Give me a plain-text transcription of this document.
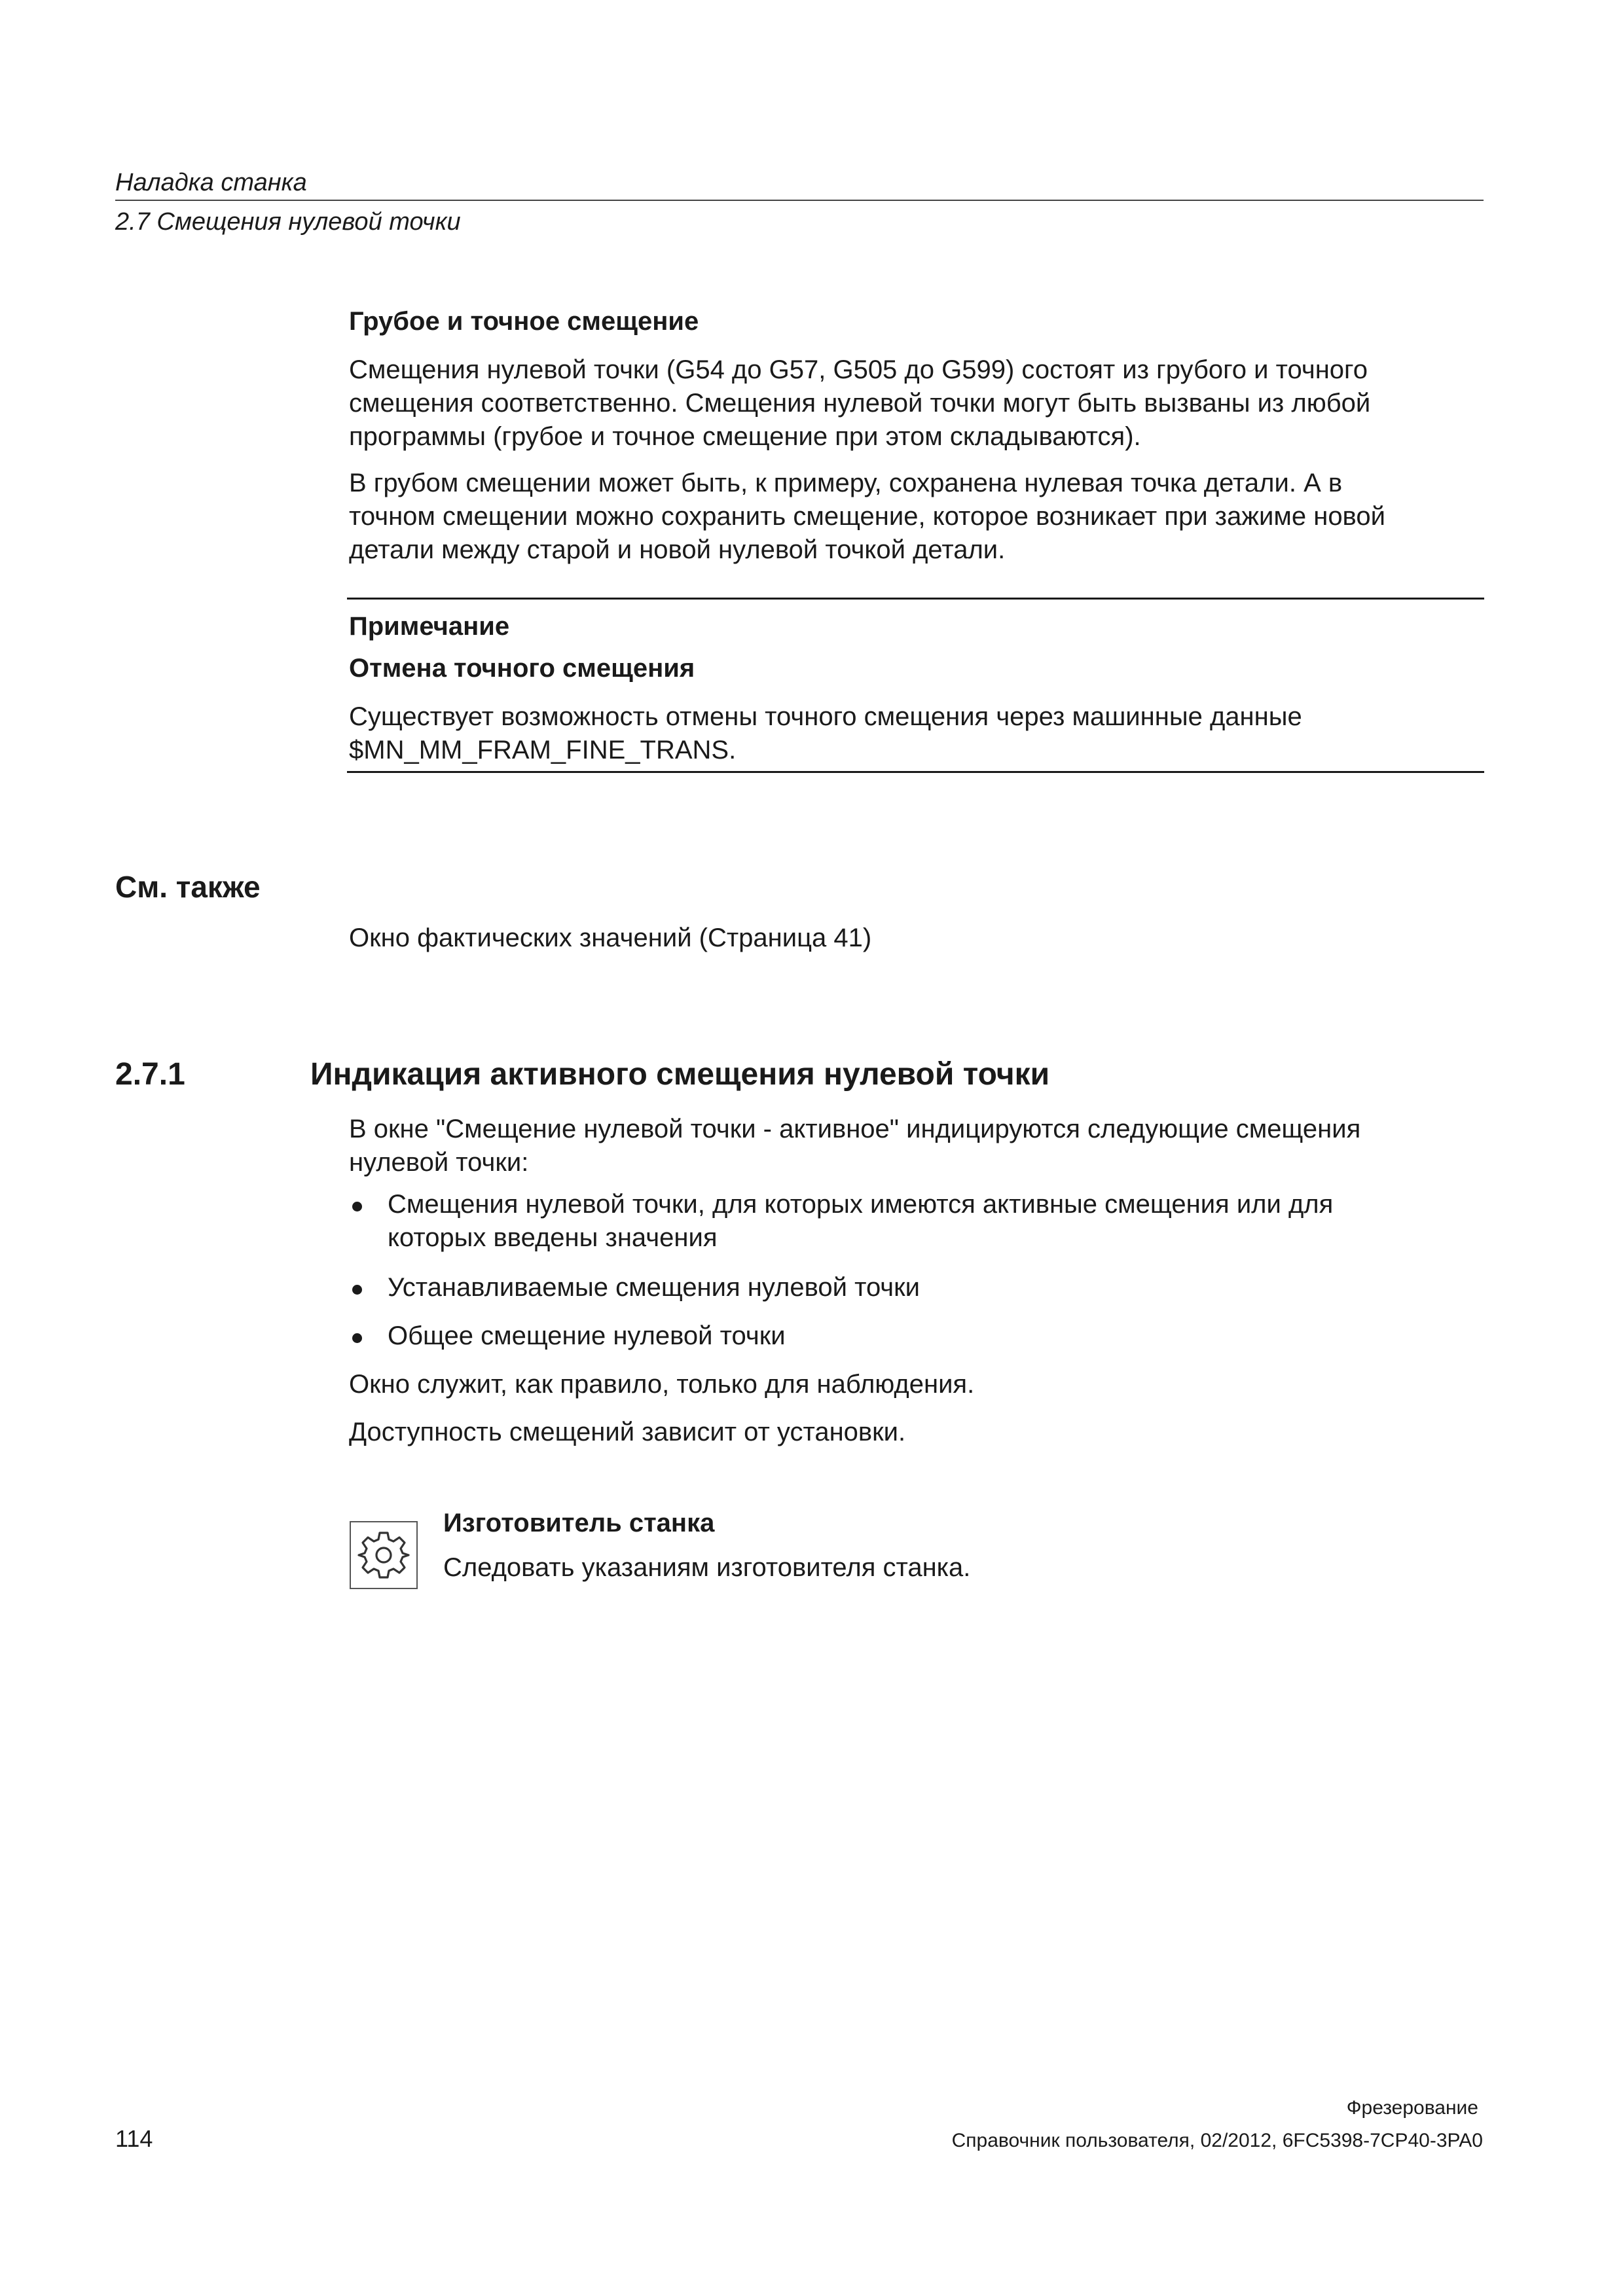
Наладка станка
2.7 Смещения нулевой точки
Грубое и точное смещение
Смещения нулевой точки (G54 до G57, G505 до G599) состоят из грубого и точного
смещения соответственно. Смещения нулевой точки могут быть вызваны из любой
программы (грубое и точное смещение при этом складываются).
В грубом смещении может быть, к примеру, сохранена нулевая точка детали. А в
точном смещении можно сохранить смещение, которое возникает при зажиме новой
детали между старой и новой нулевой точкой детали.
Примечание
Отмена точного смещения
Существует возможность отмены точного смещения через машинные данные
$MN_MM_FRAM_FINE_TRANS.
См. также
Окно фактических значений (Страница 41)
2.7.1	Индикация активного смещения нулевой точки
В окне "Смещение нулевой точки - активное" индицируются следующие смещения
нулевой точки:
Смещения нулевой точки, для которых имеются активные смещения или для
которых введены значения
Устанавливаемые смещения нулевой точки
Общее смещение нулевой точки
Окно служит, как правило, только для наблюдения.
Доступность смещений зависит от установки.
Изготовитель станка
Следовать указаниям изготовителя станка.
Фрезерование
114	Справочник пользователя, 02/2012, 6FC5398-7CP40-3PA0
